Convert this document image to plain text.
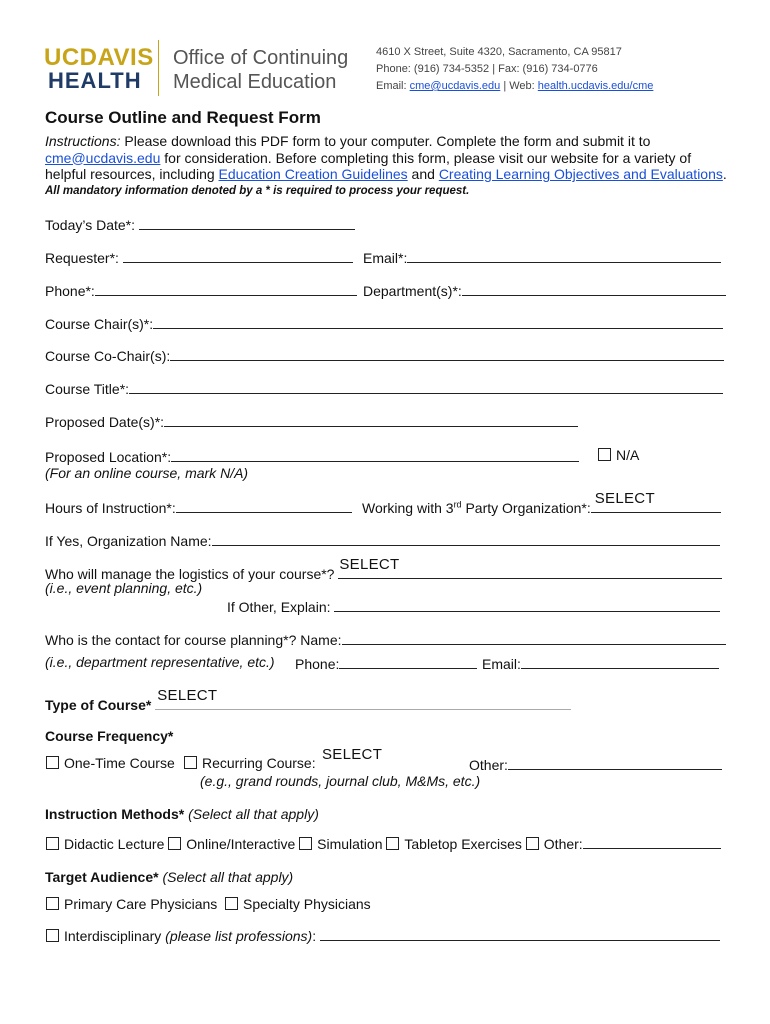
UCDAVIS
HEALTH
Office of Continuing
Medical Education
4610 X Street, Suite 4320, Sacramento, CA 95817
Phone: (916) 734-5352 | Fax: (916) 734-0776
Email: cme@ucdavis.edu | Web: health.ucdavis.edu/cme
Course Outline and Request Form
Instructions: Please download this PDF form to your computer. Complete the form and submit it to
cme@ucdavis.edu for consideration. Before completing this form, please visit our website for a variety of
helpful resources, including Education Creation Guidelines and Creating Learning Objectives and Evaluations.
All mandatory information denoted by a * is required to process your request.
Today’s Date*:
Requester*:	Email*:
Phone*:	Department(s)*:
Course Chair(s)*:
Course Co-Chair(s):
Course Title*:
Proposed Date(s)*:
Proposed Location*:	N/A
(For an online course, mark N/A)
Hours of Instruction*:	Working with 3rd Party Organization*:
SELECT
If Yes, Organization Name:
Who will manage the logistics of your course*?
SELECT
(i.e., event planning, etc.)
If Other, Explain:
Who is the contact for course planning*? Name:
(i.e., department representative, etc.) Phone:	Email:
Type of Course*
SELECT
Course Frequency*
One-Time Course	Recurring Course: SELECT
Other:
(e.g., grand rounds, journal club, M&Ms, etc.)
Instruction Methods* (Select all that apply)
Didactic Lecture Online/Interactive Simulation Tabletop Exercises Other:
Target Audience* (Select all that apply)
Primary Care Physicians Specialty Physicians
Interdisciplinary (please list professions):
